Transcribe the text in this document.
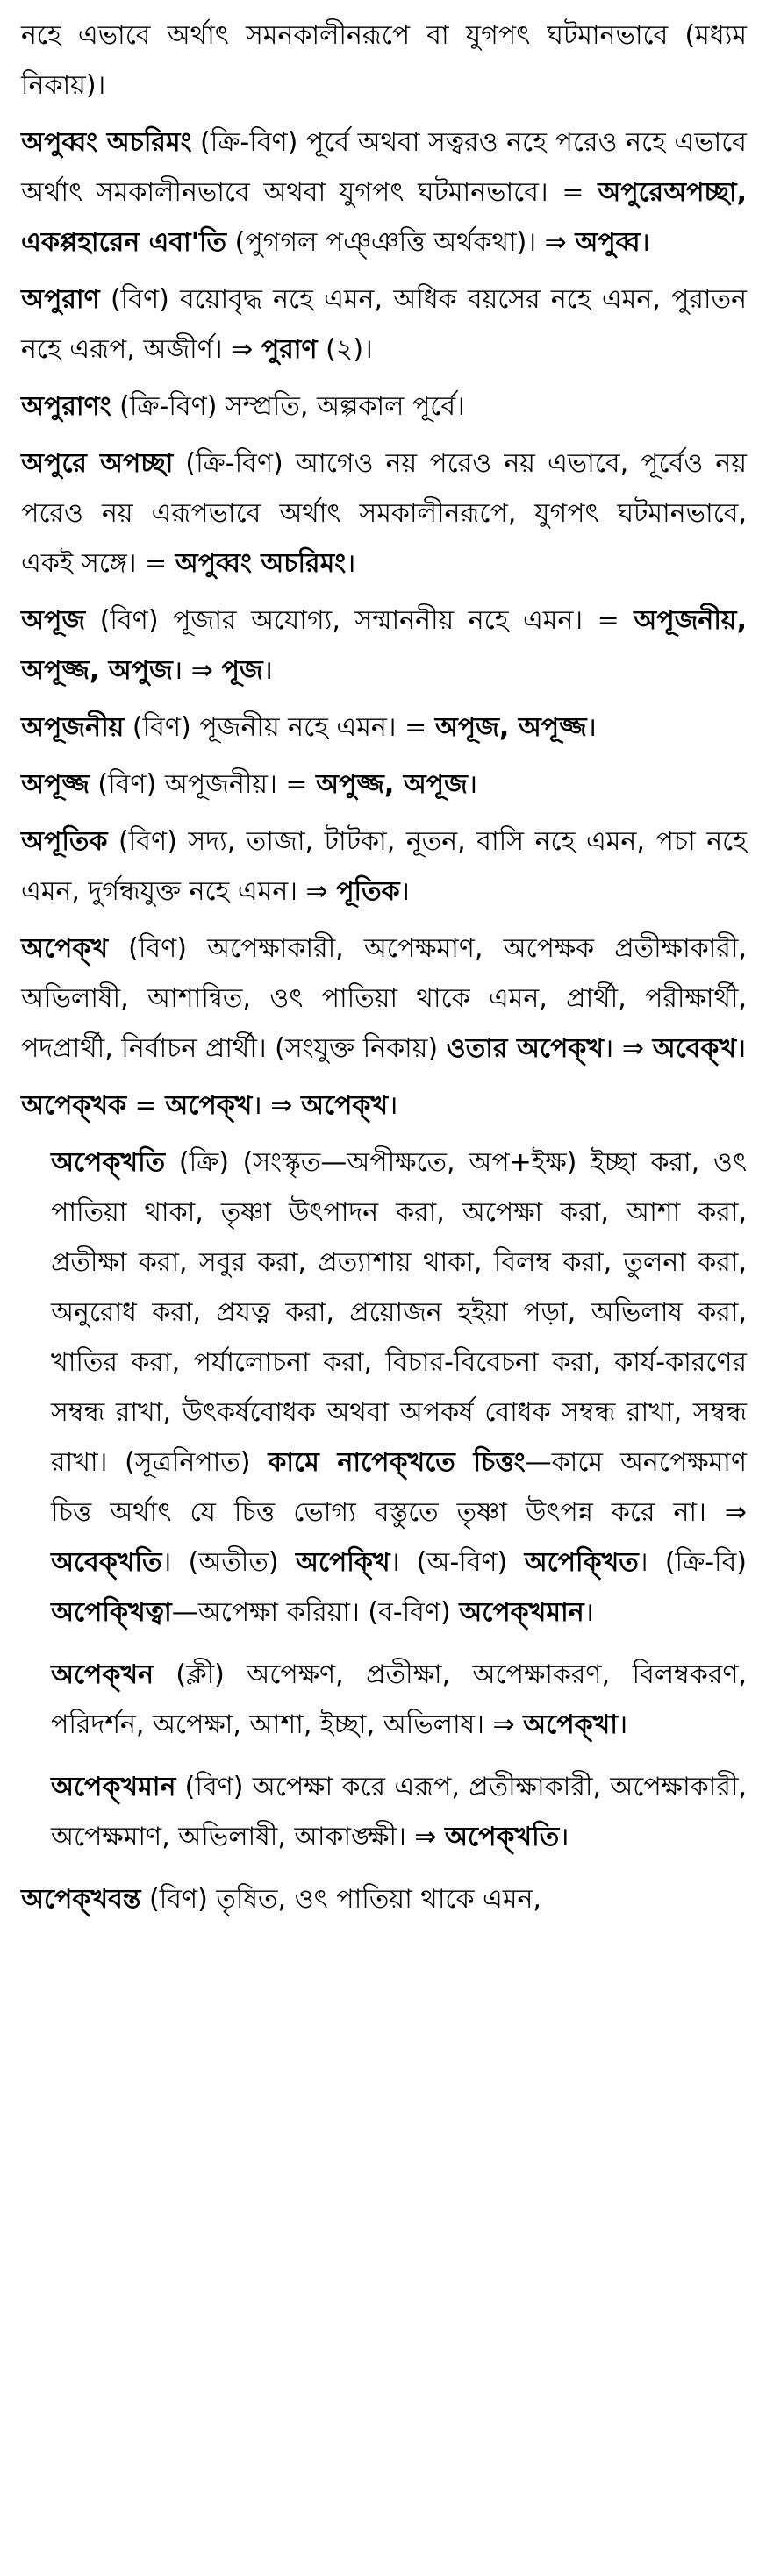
নহে এভাবে অর্থাৎ সমনকালীনরূপে বা যুগপৎ ঘটমানভাবে (মধ্যম নিকায়)।
অপুব্বং অচরিমং (ক্রি-বিণ) পূর্বে অথবা সত্বরও নহে পরেও নহে এভাবে অর্থাৎ সমকালীনভাবে অথবা যুগপৎ ঘটমানভাবে। = অপুরেঅপচ্ছা, একপ্পহারেন এবা'তি (পুগগল পঞ্ঞত্তি অর্থকথা)। ⇒ অপুব্ব।
অপুরাণ (বিণ) বয়োবৃদ্ধ নহে এমন, অধিক বয়সের নহে এমন, পুরাতন নহে এরূপ, অজীর্ণ। ⇒ পুরাণ (২)।
অপুরাণং (ক্রি-বিণ) সম্প্রতি, অল্পকাল পূর্বে।
অপুরে অপচ্ছা (ক্রি-বিণ) আগেও নয় পরেও নয় এভাবে, পূর্বেও নয় পরেও নয় এরূপভাবে অর্থাৎ সমকালীনরূপে, যুগপৎ ঘটমানভাবে, একই সঙ্গে। = অপুব্বং অচরিমং।
অপূজ (বিণ) পূজার অযোগ্য, সম্মাননীয় নহে এমন। = অপূজনীয়, অপূজ্জ, অপুজ। ⇒ পূজ।
অপূজনীয় (বিণ) পূজনীয় নহে এমন। = অপূজ, অপূজ্জ।
অপূজ্জ (বিণ) অপূজনীয়। = অপুজ্জ, অপূজ।
অপূতিক (বিণ) সদ্য, তাজা, টাটকা, নূতন, বাসি নহে এমন, পচা নহে এমন, দুর্গন্ধযুক্ত নহে এমন। ⇒ পূতিক।
অপেক্খ (বিণ) অপেক্ষাকারী, অপেক্ষমাণ, অপেক্ষক প্রতীক্ষাকারী, অভিলাষী, আশান্বিত, ওৎ পাতিয়া থাকে এমন, প্রার্থী, পরীক্ষার্থী, পদপ্রার্থী, নির্বাচন প্রার্থী। (সংযুক্ত নিকায়) ওতার অপেক্খ। ⇒ অবেক্খ।
অপেক্খক = অপেক্খ। ⇒ অপেক্খ।
অপেক্খতি (ক্রি) (সংস্কৃত—অপীক্ষতে, অপ+ইক্ষ) ইচ্ছা করা, ওৎ পাতিয়া থাকা, তৃষ্ণা উৎপাদন করা, অপেক্ষা করা, আশা করা, প্রতীক্ষা করা, সবুর করা, প্রত্যাশায় থাকা, বিলম্ব করা, তুলনা করা, অনুরোধ করা, প্রযত্ন করা, প্রয়োজন হইয়া পড়া, অভিলাষ করা, খাতির করা, পর্যালোচনা করা, বিচার-বিবেচনা করা, কার্য-কারণের সম্বন্ধ রাখা, উৎকর্ষবোধক অথবা অপকর্ষ বোধক সম্বন্ধ রাখা, সম্বন্ধ রাখা। (সূত্রনিপাত) কামে নাপেক্খতে চিত্তং—কামে অনপেক্ষমাণ চিত্ত অর্থাৎ যে চিত্ত ভোগ্য বস্তুতে তৃষ্ণা উৎপন্ন করে না। ⇒ অবেক্খতি। (অতীত) অপেক্খি। (অ-বিণ) অপেক্খিত। (ক্রি-বি) অপেক্খিত্বা—অপেক্ষা করিয়া। (ব-বিণ) অপেক্খমান।
অপেক্খন (ক্লী) অপেক্ষণ, প্রতীক্ষা, অপেক্ষাকরণ, বিলম্বকরণ, পরিদর্শন, অপেক্ষা, আশা, ইচ্ছা, অভিলাষ। ⇒ অপেক্খা।
অপেক্খমান (বিণ) অপেক্ষা করে এরূপ, প্রতীক্ষাকারী, অপেক্ষাকারী, অপেক্ষমাণ, অভিলাষী, আকাঙ্ক্ষী। ⇒ অপেক্খতি।
অপেক্খবন্ত (বিণ) তৃষিত, ওৎ পাতিয়া থাকে এমন,
